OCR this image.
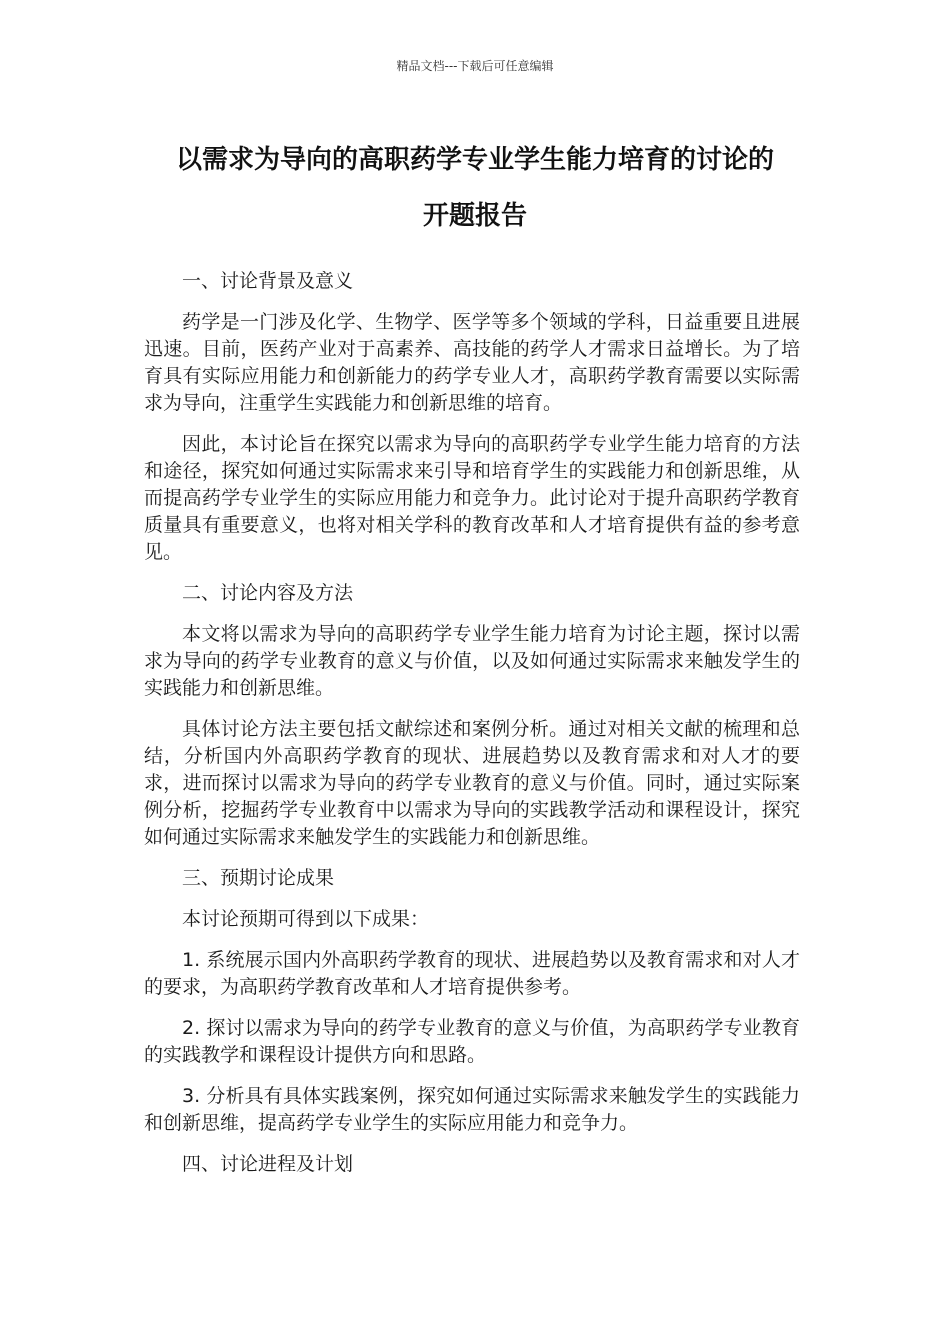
精品文档---下载后可任意编辑
以需求为导向的高职药学专业学生能力培育的讨论的
开题报告

一、讨论背景及意义

药学是一门涉及化学、生物学、医学等多个领域的学科，日益重要且进展迅速。目前，医药产业对于高素养、高技能的药学人才需求日益增长。为了培育具有实际应用能力和创新能力的药学专业人才，高职药学教育需要以实际需求为导向，注重学生实践能力和创新思维的培育。

因此，本讨论旨在探究以需求为导向的高职药学专业学生能力培育的方法和途径，探究如何通过实际需求来引导和培育学生的实践能力和创新思维，从而提高药学专业学生的实际应用能力和竞争力。此讨论对于提升高职药学教育质量具有重要意义，也将对相关学科的教育改革和人才培育提供有益的参考意见。

二、讨论内容及方法

本文将以需求为导向的高职药学专业学生能力培育为讨论主题，探讨以需求为导向的药学专业教育的意义与价值，以及如何通过实际需求来触发学生的实践能力和创新思维。

具体讨论方法主要包括文献综述和案例分析。通过对相关文献的梳理和总结，分析国内外高职药学教育的现状、进展趋势以及教育需求和对人才的要求，进而探讨以需求为导向的药学专业教育的意义与价值。同时，通过实际案例分析，挖掘药学专业教育中以需求为导向的实践教学活动和课程设计，探究如何通过实际需求来触发学生的实践能力和创新思维。

三、预期讨论成果

本讨论预期可得到以下成果：

1. 系统展示国内外高职药学教育的现状、进展趋势以及教育需求和对人才的要求，为高职药学教育改革和人才培育提供参考。

2. 探讨以需求为导向的药学专业教育的意义与价值，为高职药学专业教育的实践教学和课程设计提供方向和思路。

3. 分析具有具体实践案例，探究如何通过实际需求来触发学生的实践能力和创新思维，提高药学专业学生的实际应用能力和竞争力。

四、讨论进程及计划
